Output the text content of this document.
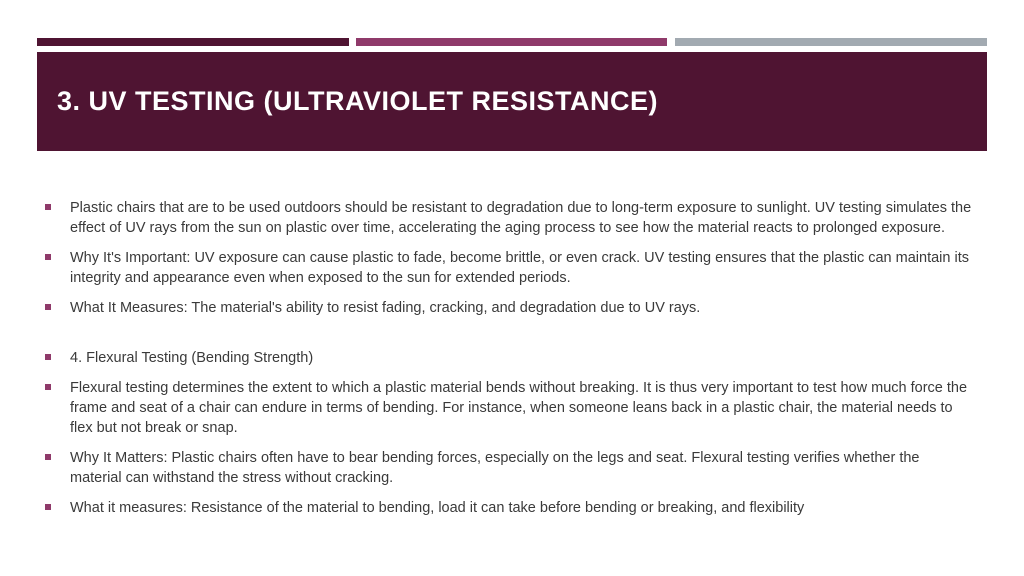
3. UV TESTING (ULTRAVIOLET RESISTANCE)
Plastic chairs that are to be used outdoors should be resistant to degradation due to long-term exposure to sunlight. UV testing simulates the effect of UV rays from the sun on plastic over time, accelerating the aging process to see how the material reacts to prolonged exposure.
Why It's Important: UV exposure can cause plastic to fade, become brittle, or even crack. UV testing ensures that the plastic can maintain its integrity and appearance even when exposed to the sun for extended periods.
What It Measures: The material's ability to resist fading, cracking, and degradation due to UV rays.
4. Flexural Testing (Bending Strength)
Flexural testing determines the extent to which a plastic material bends without breaking. It is thus very important to test how much force the frame and seat of a chair can endure in terms of bending. For instance, when someone leans back in a plastic chair, the material needs to flex but not break or snap.
Why It Matters: Plastic chairs often have to bear bending forces, especially on the legs and seat. Flexural testing verifies whether the material can withstand the stress without cracking.
What it measures: Resistance of the material to bending, load it can take before bending or breaking, and flexibility
